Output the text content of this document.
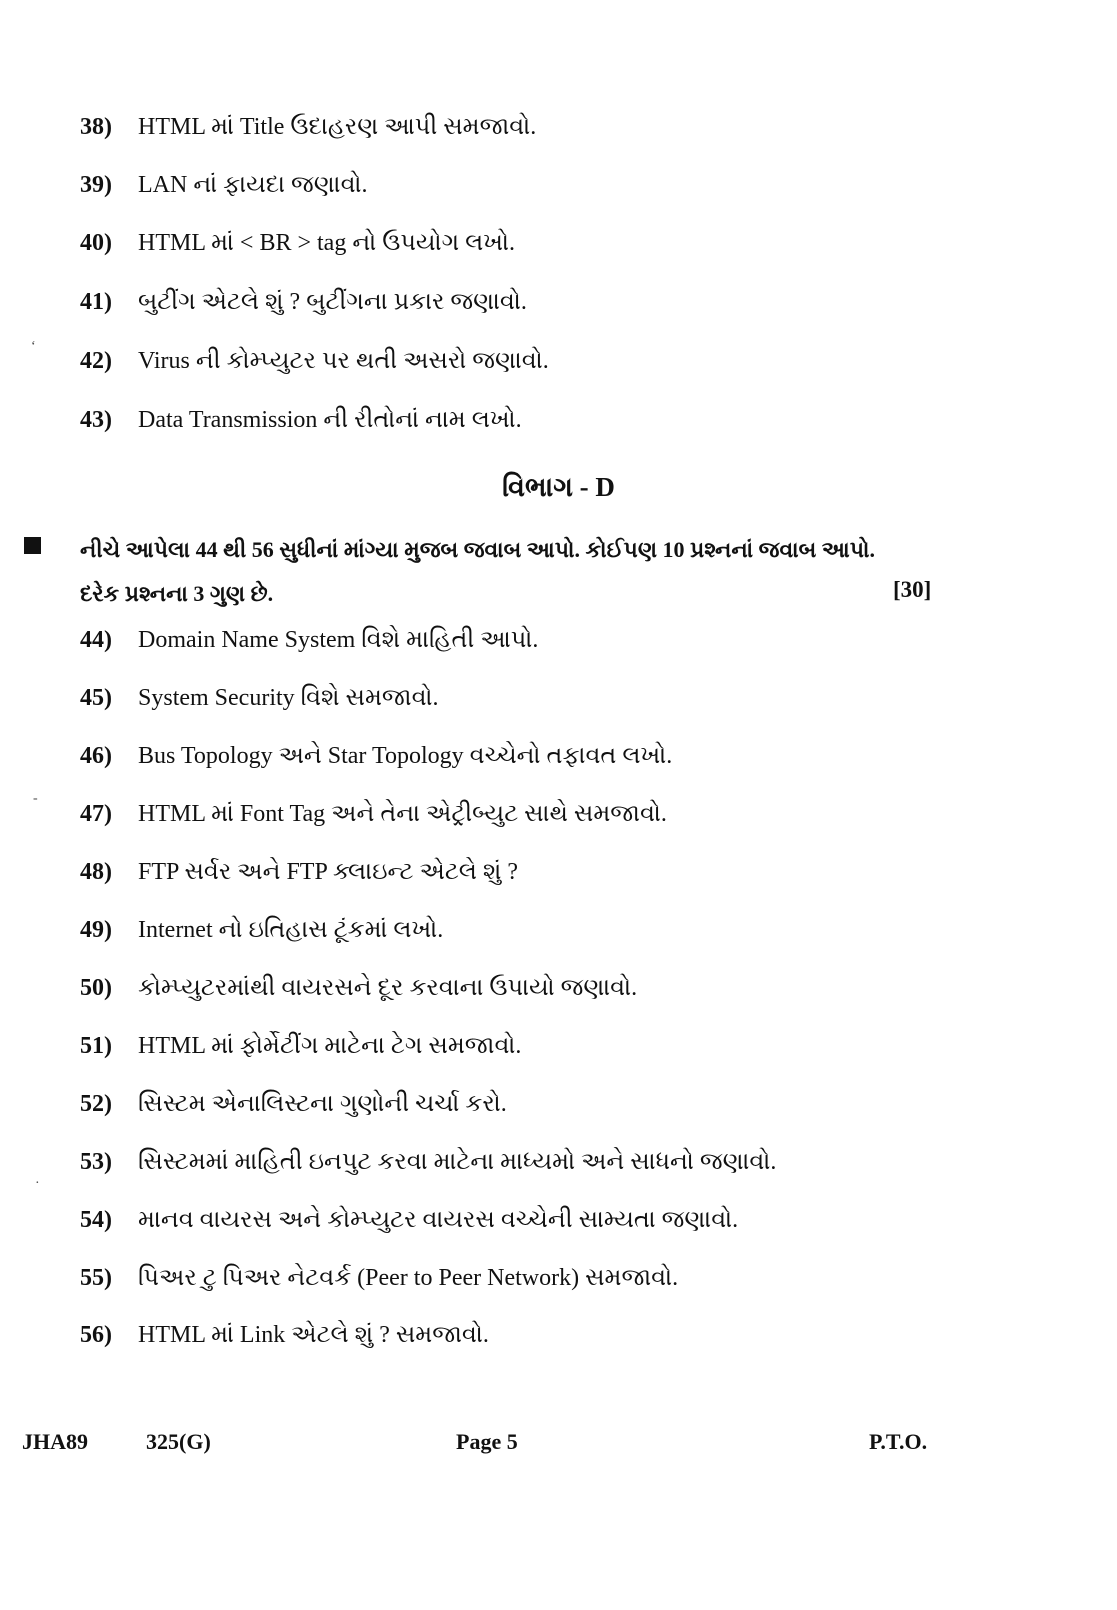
38) HTML માં Title ઉદાહરણ આપી સમજાવો.
39) LAN નાં ફાયદા જણાવો.
40) HTML માં < BR > tag નો ઉપયોગ લખો.
41) બુટીંગ એટલે શું ? બુટીંગના પ્રકાર જણાવો.
42) Virus ની કોમ્પ્યુટર પર થતી અસરો જણાવો.
43) Data Transmission ની રીતોનાં નામ લખો.
વિભાગ - D
નીચે આપેલા 44 થી 56 સુધીનાં માંગ્યા મુજબ જવાબ આપો. કોઈપણ 10 પ્રશ્નનાં જવાબ આપો. દરેક પ્રશ્નના 3 ગુણ છે.	[30]
44) Domain Name System વિશે માહિતી આપો.
45) System Security વિશે સમજાવો.
46) Bus Topology અને Star Topology વચ્ચેનો તફાવત લખો.
47) HTML માં Font Tag અને તેના એટ્રીબ્યુટ સાથે સમજાવો.
48) FTP સર્વર અને FTP ક્લાઇન્ટ એટલે શું ?
49) Internet નો ઇતિહાસ ટૂંકમાં લખો.
50) કોમ્પ્યુટરમાંથી વાયરસને દૂર કરવાના ઉપાયો જણાવો.
51) HTML માં ફોર્મેટીંગ માટેના ટેગ સમજાવો.
52) સિસ્ટમ એનાલિસ્ટના ગુણોની ચર્ચા કરો.
53) સિસ્ટમમાં માહિતી ઇનપુટ કરવા માટેના માધ્યમો અને સાધનો જણાવો.
54) માનવ વાયરસ અને કોમ્પ્યુટર વાયરસ વચ્ચેની સામ્યતા જણાવો.
55) પિઅર ટુ પિઅર નેટવર્ક (Peer to Peer Network) સમજાવો.
56) HTML માં Link એટલે શું ? સમજાવો.
JHA89	325(G)	Page 5	P.T.O.
‘
-
·
